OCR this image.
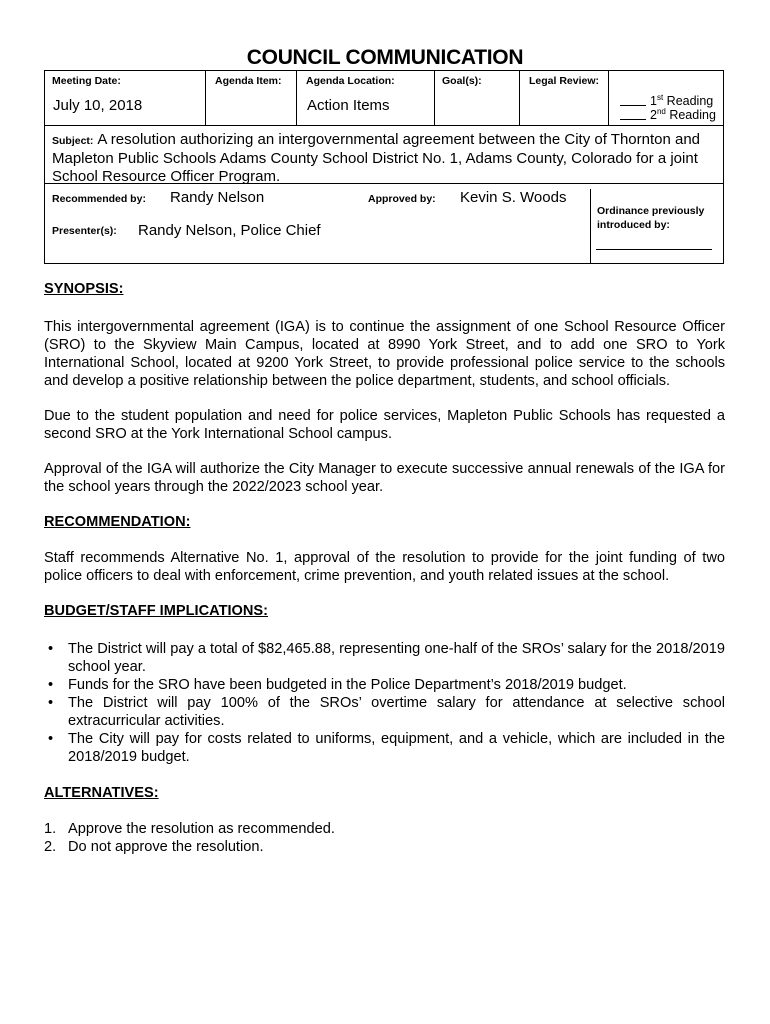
COUNCIL COMMUNICATION
Meeting Date:
July 10, 2018
Agenda Item: Agenda Location:
Action Items
Goal(s):	Legal Review:
1st Reading
2nd Reading
Subject: A resolution authorizing an intergovernmental agreement between the City of Thornton and Mapleton Public Schools Adams County School District No. 1, Adams County, Colorado for a joint School Resource Officer Program.
Recommended by: Randy Nelson	Approved by: Kevin S. Woods
Presenter(s): Randy Nelson, Police Chief
Ordinance previously introduced by:

SYNOPSIS:

This intergovernmental agreement (IGA) is to continue the assignment of one School Resource Officer (SRO) to the Skyview Main Campus, located at 8990 York Street, and to add one SRO to York International School, located at 9200 York Street, to provide professional police service to the schools and develop a positive relationship between the police department, students, and school officials.

Due to the student population and need for police services, Mapleton Public Schools has requested a second SRO at the York International School campus.

Approval of the IGA will authorize the City Manager to execute successive annual renewals of the IGA for the school years through the 2022/2023 school year.

RECOMMENDATION:

Staff recommends Alternative No. 1, approval of the resolution to provide for the joint funding of two police officers to deal with enforcement, crime prevention, and youth related issues at the school.

BUDGET/STAFF IMPLICATIONS:

• The District will pay a total of $82,465.88, representing one-half of the SROs’ salary for the 2018/2019 school year.
• Funds for the SRO have been budgeted in the Police Department’s 2018/2019 budget.
• The District will pay 100% of the SROs’ overtime salary for attendance at selective school extracurricular activities.
• The City will pay for costs related to uniforms, equipment, and a vehicle, which are included in the 2018/2019 budget.

ALTERNATIVES:

1. Approve the resolution as recommended.
2. Do not approve the resolution.
